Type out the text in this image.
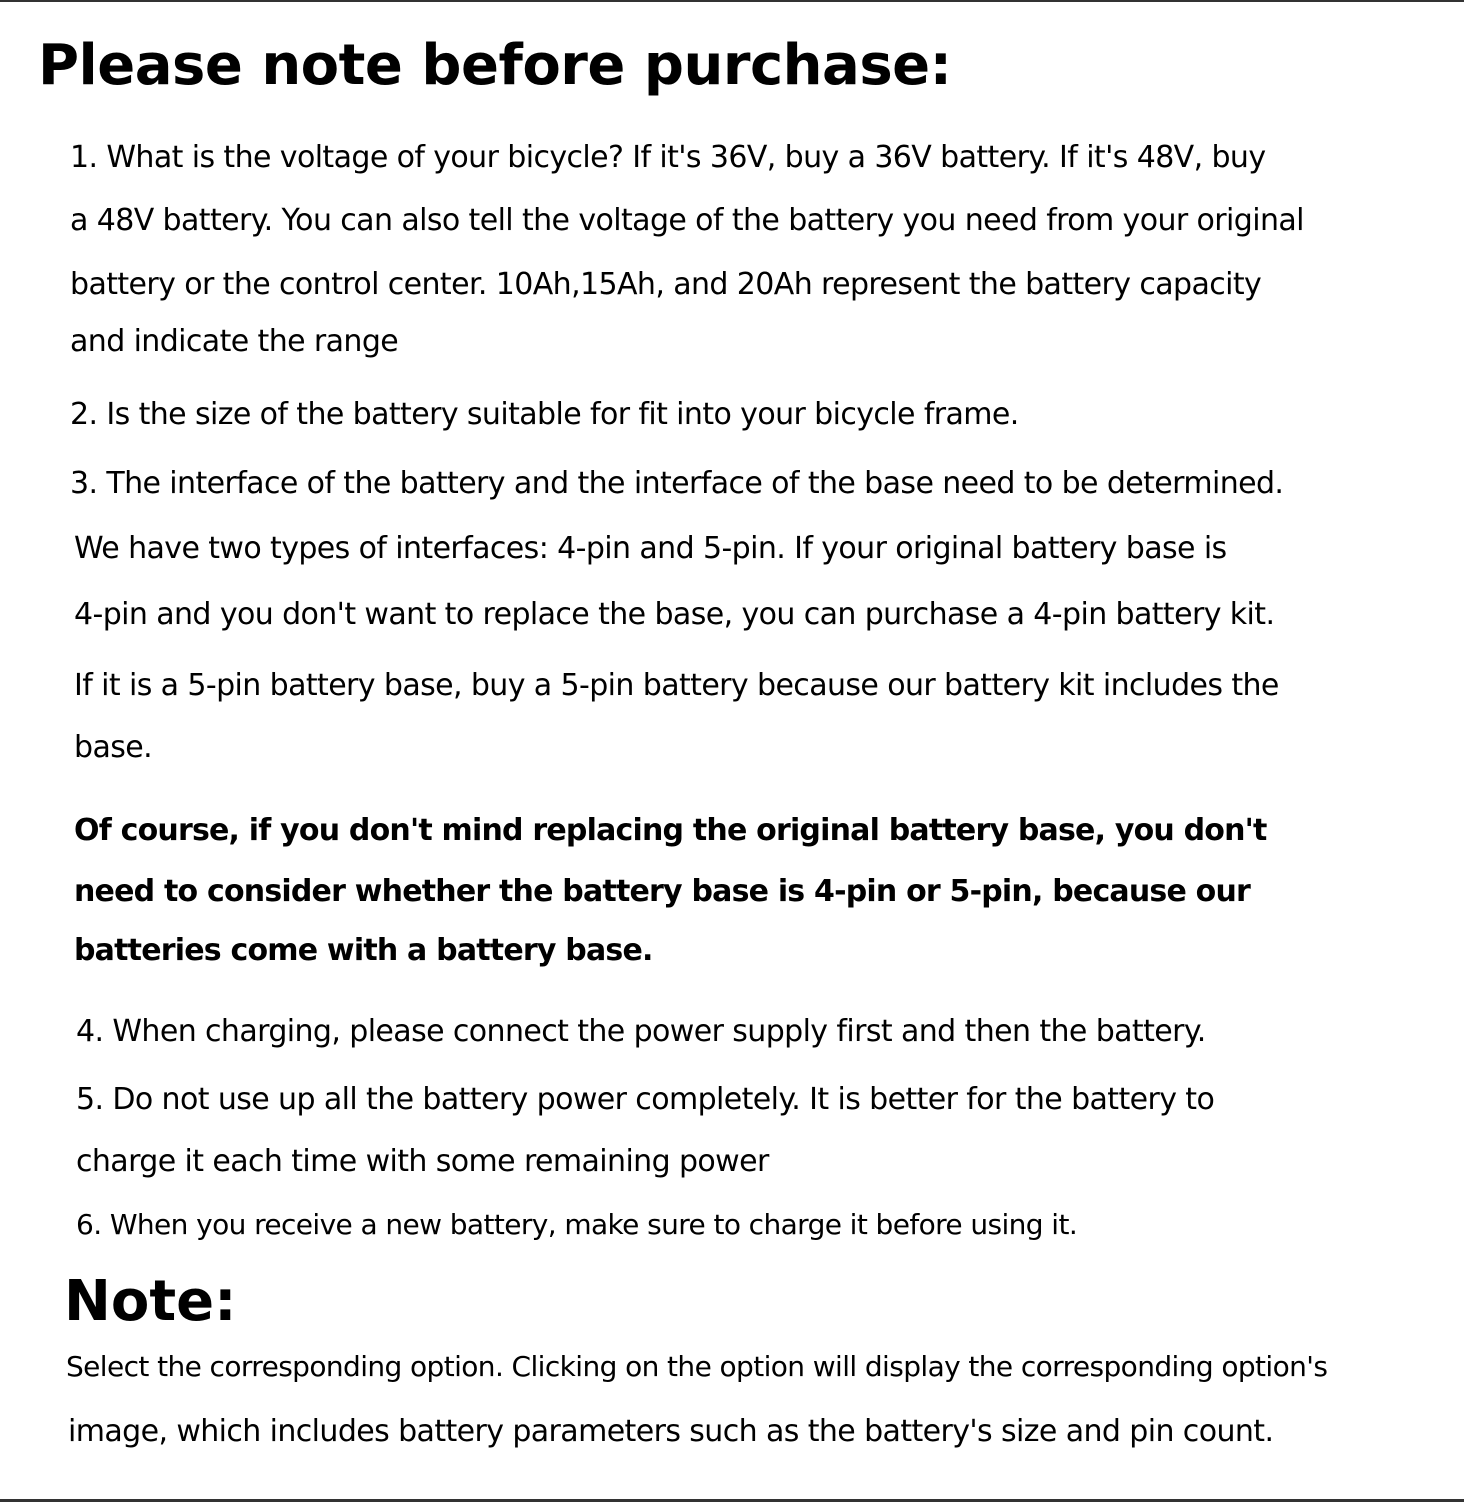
Please note before purchase:
1. What is the voltage of your bicycle? If it's 36V, buy a 36V battery. If it's 48V, buy
a 48V battery. You can also tell the voltage of the battery you need from your original
battery or the control center. 10Ah,15Ah, and 20Ah represent the battery capacity
and indicate the range
2. Is the size of the battery suitable for fit into your bicycle frame.
3. The interface of the battery and the interface of the base need to be determined.
We have two types of interfaces: 4-pin and 5-pin. If your original battery base is
4-pin and you don't want to replace the base, you can purchase a 4-pin battery kit.
If it is a 5-pin battery base, buy a 5-pin battery because our battery kit includes the
base.
Of course, if you don't mind replacing the original battery base, you don't
need to consider whether the battery base is 4-pin or 5-pin, because our
batteries come with a battery base.
4. When charging, please connect the power supply first and then the battery.
5. Do not use up all the battery power completely. It is better for the battery to
charge it each time with some remaining power
6. When you receive a new battery, make sure to charge it before using it.
Note:
Select the corresponding option. Clicking on the option will display the corresponding option's
image, which includes battery parameters such as the battery's size and pin count.
